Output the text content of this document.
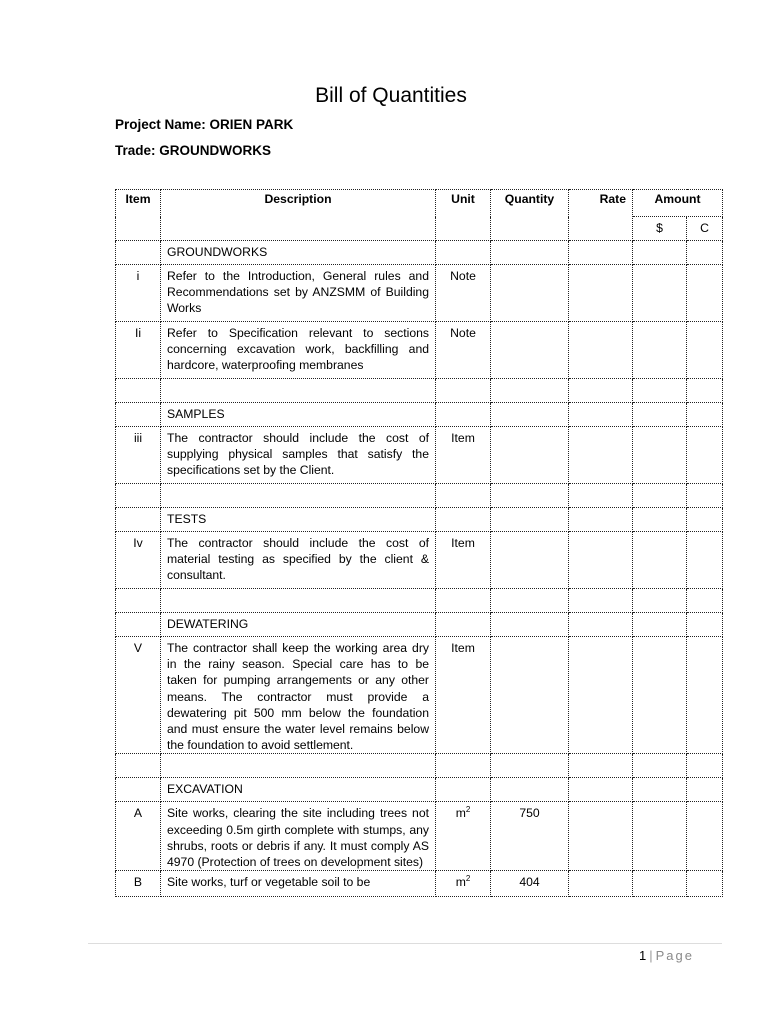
Bill of Quantities
Project Name: ORIEN PARK
Trade: GROUNDWORKS
Item	Description	Unit	Quantity	Rate	Amount	
					$	C
	GROUNDWORKS					
i	Refer to the Introduction, General rules and Recommendations set by ANZSMM of Building Works	Note				
Ii	Refer to Specification relevant to sections concerning excavation work, backfilling and hardcore, waterproofing membranes	Note				

	SAMPLES					
iii	The contractor should include the cost of supplying physical samples that satisfy the specifications set by the Client.	Item				

	TESTS					
Iv	The contractor should include the cost of material testing as specified by the client & consultant.	Item				

	DEWATERING					
V	The contractor shall keep the working area dry in the rainy season. Special care has to be taken for pumping arrangements or any other means. The contractor must provide a dewatering pit 500 mm below the foundation and must ensure the water level remains below the foundation to avoid settlement.	Item				

	EXCAVATION					
A	Site works, clearing the site including trees not exceeding 0.5m girth complete with stumps, any shrubs, roots or debris if any. It must comply AS 4970 (Protection of trees on development sites)	$m^2$	750			
B	Site works, turf or vegetable soil to be	$m^2$	404			
1 | Page
